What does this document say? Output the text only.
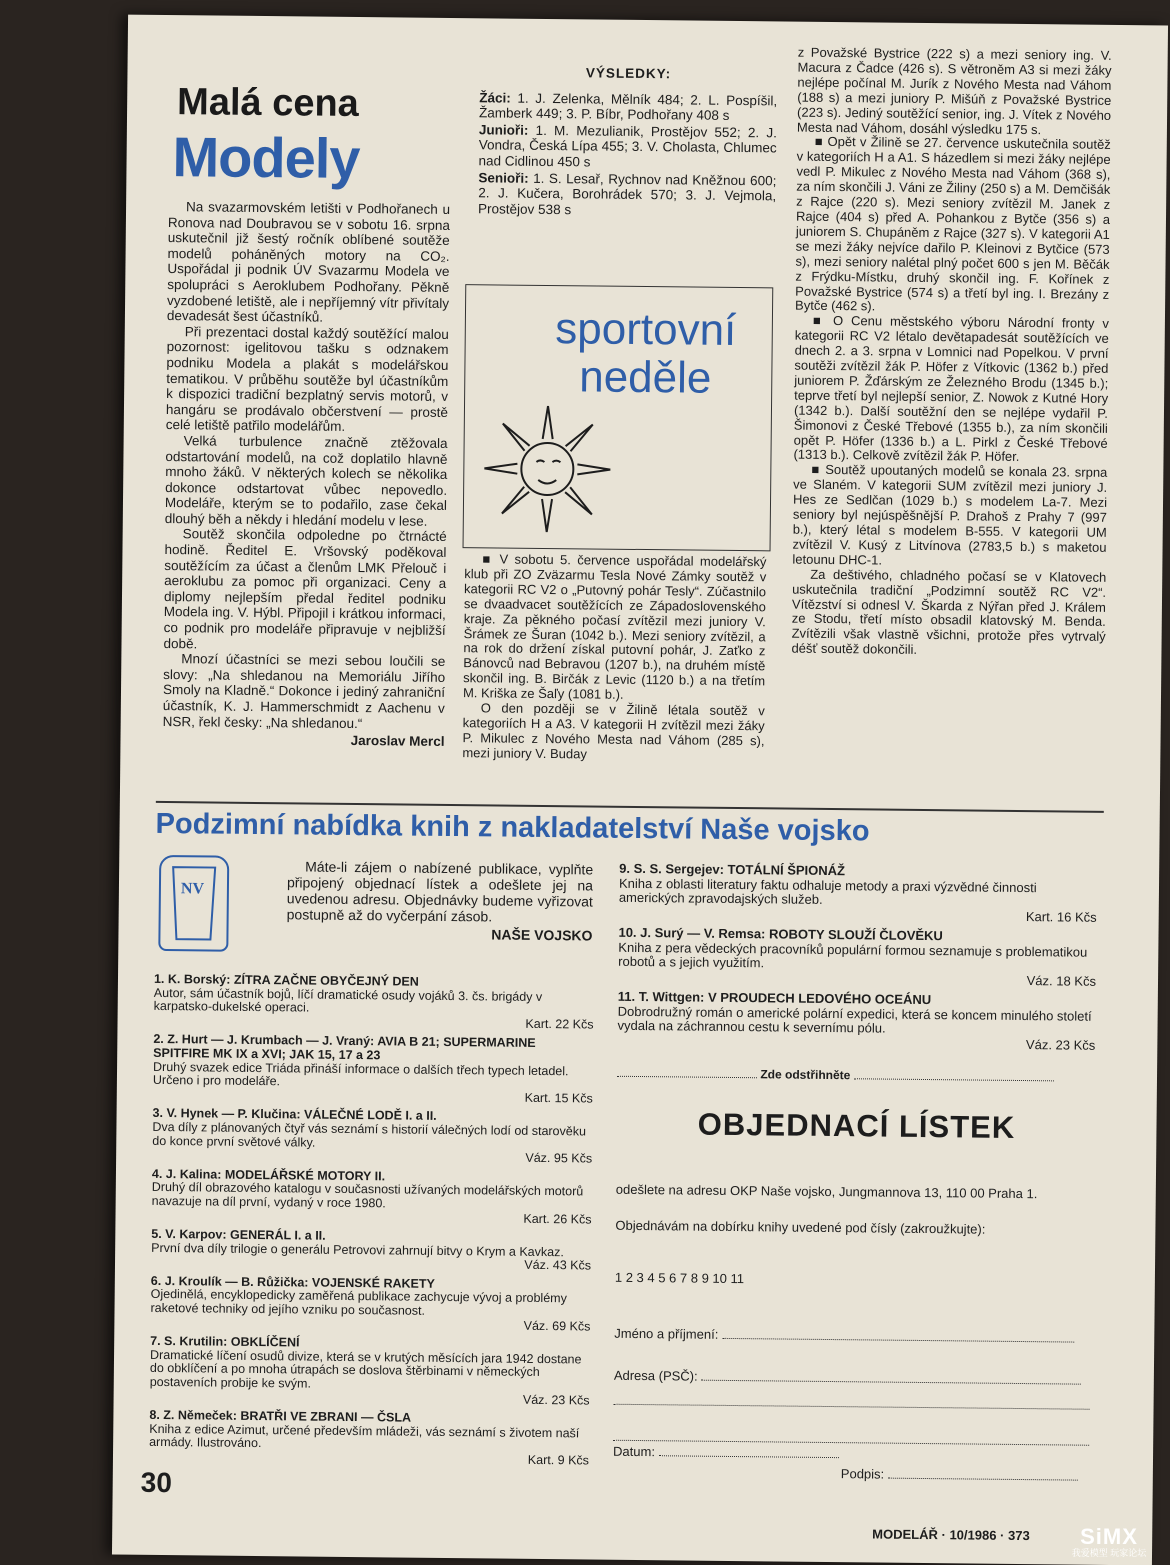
Malá cena
Modely

Na svazarmovském letišti v Podhořanech u Ronova nad Doubravou se v sobotu 16. srpna uskutečnil již šestý ročník oblíbené soutěže modelů poháněných motory na CO₂. Uspořádal ji podnik ÚV Svazarmu Modela ve spolupráci s Aeroklubem Podhořany. Pěkně vyzdobené letiště, ale i nepříjemný vítr přivítaly devadesát šest účastníků.

Při prezentaci dostal každý soutěžící malou pozornost: igelitovou tašku s odznakem podniku Modela a plakát s modelářskou tematikou. V průběhu soutěže byl účastníkům k dispozici tradiční bezplatný servis motorů, v hangáru se prodávalo občerstvení — prostě celé letiště patřilo modelářům.

Velká turbulence značně ztěžovala odstartování modelů, na což doplatilo hlavně mnoho žáků. V některých kolech se několika dokonce odstartovat vůbec nepovedlo. Modeláře, kterým se to podařilo, zase čekal dlouhý běh a někdy i hledání modelu v lese.

Soutěž skončila odpoledne po čtrnácté hodině. Ředitel E. Vršovský poděkoval soutěžícím za účast a členům LMK Přelouč i aeroklubu za pomoc při organizaci. Ceny a diplomy nejlepším předal ředitel podniku Modela ing. V. Hýbl. Připojil i krátkou informaci, co podnik pro modeláře připravuje v nejbližší době.

Mnozí účastníci se mezi sebou loučili se slovy: „Na shledanou na Memoriálu Jiřího Smoly na Kladně.“ Dokonce i jediný zahraniční účastník, K. J. Hammerschmidt z Aachenu v NSR, řekl česky: „Na shledanou.“

Jaroslav Mercl
VÝSLEDKY:
Žáci: 1. J. Zelenka, Mělník 484; 2. L. Pospíšil, Žamberk 449; 3. P. Bíbr, Podhořany 408 s
Junioři: 1. M. Mezulianik, Prostějov 552; 2. J. Vondra, Česká Lípa 455; 3. V. Cholasta, Chlumec nad Cidlinou 450 s
Senioři: 1. S. Lesař, Rychnov nad Kněžnou 600; 2. J. Kučera, Borohrádek 570; 3. J. Vejmola, Prostějov 538 s
sportovní
neděle

■ V sobotu 5. července uspořádal modelářský klub při ZO Zväzarmu Tesla Nové Zámky soutěž v kategorii RC V2 o „Putovný pohár Tesly“. Zúčastnilo se dvaadvacet soutěžících ze Západoslovenského kraje. Za pěkného počasí zvítězil mezi juniory V. Šrámek ze Šuran (1042 b.). Mezi seniory zvítězil, a na rok do držení získal putovní pohár, J. Zaťko z Bánovců nad Bebravou (1207 b.), na druhém místě skončil ing. B. Birčák z Levic (1120 b.) a na třetím M. Kriška ze Šaľy (1081 b.).

O den později se v Žilině létala soutěž v kategoriích H a A3. V kategorii H zvítězil mezi žáky P. Mikulec z Nového Mesta nad Váhom (285 s), mezi juniory V. Buday

z Považské Bystrice (222 s) a mezi seniory ing. V. Macura z Čadce (426 s). S větroněm A3 si mezi žáky nejlépe počínal M. Jurík z Nového Mesta nad Váhom (188 s) a mezi juniory P. Mišúň z Považské Bystrice (223 s). Jediný soutěžící senior, ing. J. Vítek z Nového Mesta nad Váhom, dosáhl výsledku 175 s.

■ Opět v Žilině se 27. července uskutečnila soutěž v kategoriích H a A1. S házedlem si mezi žáky nejlépe vedl P. Mikulec z Nového Mesta nad Váhom (368 s), za ním skončili J. Váni ze Žiliny (250 s) a M. Demčišák z Rajce (220 s). Mezi seniory zvítězil M. Janek z Rajce (404 s) před A. Pohankou z Bytče (356 s) a juniorem S. Chupáněm z Rajce (327 s). V kategorii A1 se mezi žáky nejvíce dařilo P. Kleinovi z Bytčice (573 s), mezi seniory nalétal plný počet 600 s jen M. Běčák z Frýdku-Místku, druhý skončil ing. F. Kořínek z Považské Bystrice (574 s) a třetí byl ing. I. Brezány z Bytče (462 s).

■ O Cenu městského výboru Národní fronty v kategorii RC V2 létalo devětapadesát soutěžících ve dnech 2. a 3. srpna v Lomnici nad Popelkou. V první soutěži zvítězil žák P. Höfer z Vítkovic (1362 b.) před juniorem P. Žďárským ze Železného Brodu (1345 b.); teprve třetí byl nejlepší senior, Z. Nowok z Kutné Hory (1342 b.). Další soutěžní den se nejlépe vydařil P. Šimonovi z České Třebové (1355 b.), za ním skončili opět P. Höfer (1336 b.) a L. Pirkl z České Třebové (1313 b.). Celkově zvítězil žák P. Höfer.

■ Soutěž upoutaných modelů se konala 23. srpna ve Slaném. V kategorii SUM zvítězil mezi juniory J. Hes ze Sedlčan (1029 b.) s modelem La-7. Mezi seniory byl nejúspěšnější P. Drahoš z Prahy 7 (997 b.), který létal s modelem B-555. V kategorii UM zvítězil V. Kusý z Litvínova (2783,5 b.) s maketou letounu DHC-1.

Za deštivého, chladného počasí se v Klatovech uskutečnila tradiční „Podzimní soutěž RC V2“. Vítězství si odnesl V. Škarda z Nýřan před J. Králem ze Stodu, třetí místo obsadil klatovský M. Benda. Zvítězili však vlastně všichni, protože přes vytrvalý déšť soutěž dokončili.

Podzimní nabídka knih z nakladatelství Naše vojsko
NV

Máte-li zájem o nabízené publikace, vyplňte připojený objednací lístek a odešlete jej na uvedenou adresu. Objednávky budeme vyřizovat postupně až do vyčerpání zásob.

NAŠE VOJSKO
1. K. Borský: ZÍTRA ZAČNE OBYČEJNÝ DEN
Autor, sám účastník bojů, líčí dramatické osudy vojáků 3. čs. brigády v karpatsko-dukelské operaci.
Kart. 22 Kčs
2. Z. Hurt — J. Krumbach — J. Vraný: AVIA B 21; SUPERMARINE SPITFIRE MK IX a XVI; JAK 15, 17 a 23
Druhý svazek edice Triáda přináší informace o dalších třech typech letadel. Určeno i pro modeláře.
Kart. 15 Kčs
3. V. Hynek — P. Klučina: VÁLEČNÉ LODĚ I. a II.
Dva díly z plánovaných čtyř vás seznámí s historií válečných lodí od starověku do konce první světové války.
Váz. 95 Kčs
4. J. Kalina: MODELÁŘSKÉ MOTORY II.
Druhý díl obrazového katalogu v současnosti užívaných modelářských motorů navazuje na díl první, vydaný v roce 1980.
Kart. 26 Kčs
5. V. Karpov: GENERÁL I. a II.
První dva díly trilogie o generálu Petrovovi zahrnují bitvy o Krym a Kavkaz.
Váz. 43 Kčs
6. J. Kroulík — B. Růžička: VOJENSKÉ RAKETY
Ojedinělá, encyklopedicky zaměřená publikace zachycuje vývoj a problémy raketové techniky od jejího vzniku po současnost.
Váz. 69 Kčs
7. S. Krutilin: OBKLÍČENÍ
Dramatické líčení osudů divize, která se v krutých měsících jara 1942 dostane do obklíčení a po mnoha útrapách se doslova štěrbinami v německých postaveních probije ke svým.
Váz. 23 Kčs
8. Z. Němeček: BRATŘI VE ZBRANI — ČSLA
Kniha z edice Azimut, určené především mládeži, vás seznámí s životem naší armády. Ilustrováno.
Kart. 9 Kčs
9. S. S. Sergejev: TOTÁLNÍ ŠPIONÁŽ
Kniha z oblasti literatury faktu odhaluje metody a praxi výzvědné činnosti amerických zpravodajských služeb.
Kart. 16 Kčs
10. J. Surý — V. Remsa: ROBOTY SLOUŽÍ ČLOVĚKU
Kniha z pera vědeckých pracovníků populární formou seznamuje s problematikou robotů a s jejich využitím.
Váz. 18 Kčs
11. T. Wittgen: V PROUDECH LEDOVÉHO OCEÁNU
Dobrodružný román o americké polární expedici, která se koncem minulého století vydala na záchrannou cestu k severnímu pólu.
Váz. 23 Kčs
Zde odstřihněte
OBJEDNACÍ LÍSTEK
odešlete na adresu OKP Naše vojsko, Jungmannova 13, 110 00 Praha 1.
Objednávám na dobírku knihy uvedené pod čísly (zakroužkujte):
1 2 3 4 5 6 7 8 9 10 11
Jméno a příjmení:
Adresa (PSČ):
Datum:
Podpis:
30
MODELÁŘ · 10/1986 · 373	SiMX
我爱模型 玩家论坛
